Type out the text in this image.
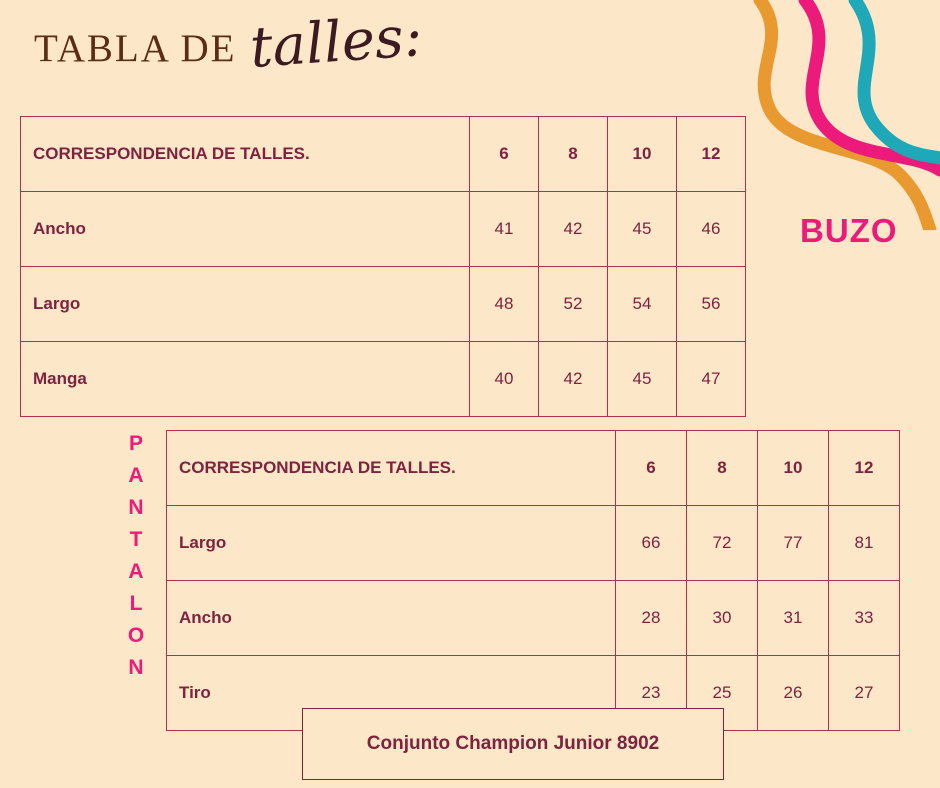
TABLA DE talles:
BUZO
P
A
N
T
A
L
O
N
CORRESPONDENCIA DE TALLES.	6	8	10	12
Ancho	41	42	45	46
Largo	48	52	54	56
Manga	40	42	45	47
CORRESPONDENCIA DE TALLES.	6	8	10	12
Largo	66	72	77	81
Ancho	28	30	31	33
Tiro	23	25	26	27
Conjunto Champion Junior 8902
